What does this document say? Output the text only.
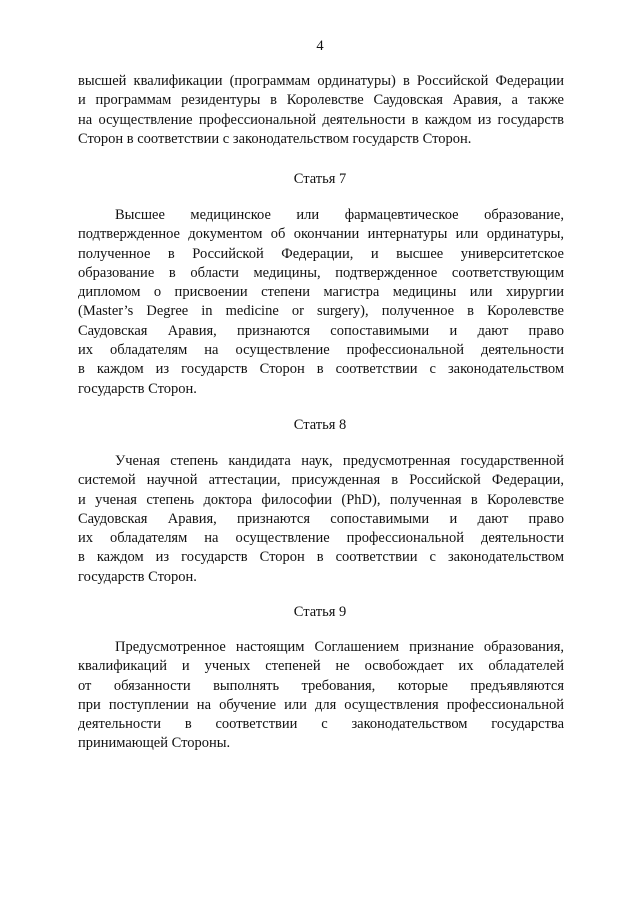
4
высшей квалификации (программам ординатуры) в Российской Федерации
и программам резидентуры в Королевстве Саудовская Аравия, а также
на осуществление профессиональной деятельности в каждом из государств
Сторон в соответствии с законодательством государств Сторон.
Статья 7
Высшее медицинское или фармацевтическое образование,
подтвержденное документом об окончании интернатуры или ординатуры,
полученное в Российской Федерации, и высшее университетское
образование в области медицины, подтвержденное соответствующим
дипломом о присвоении степени магистра медицины или хирургии
(Master’s Degree in medicine or surgery), полученное в Королевстве
Саудовская Аравия, признаются сопоставимыми и дают право
их обладателям на осуществление профессиональной деятельности
в каждом из государств Сторон в соответствии с законодательством
государств Сторон.
Статья 8
Ученая степень кандидата наук, предусмотренная государственной
системой научной аттестации, присужденная в Российской Федерации,
и ученая степень доктора философии (PhD), полученная в Королевстве
Саудовская Аравия, признаются сопоставимыми и дают право
их обладателям на осуществление профессиональной деятельности
в каждом из государств Сторон в соответствии с законодательством
государств Сторон.
Статья 9
Предусмотренное настоящим Соглашением признание образования,
квалификаций и ученых степеней не освобождает их обладателей
от обязанности выполнять требования, которые предъявляются
при поступлении на обучение или для осуществления профессиональной
деятельности в соответствии с законодательством государства
принимающей Стороны.
